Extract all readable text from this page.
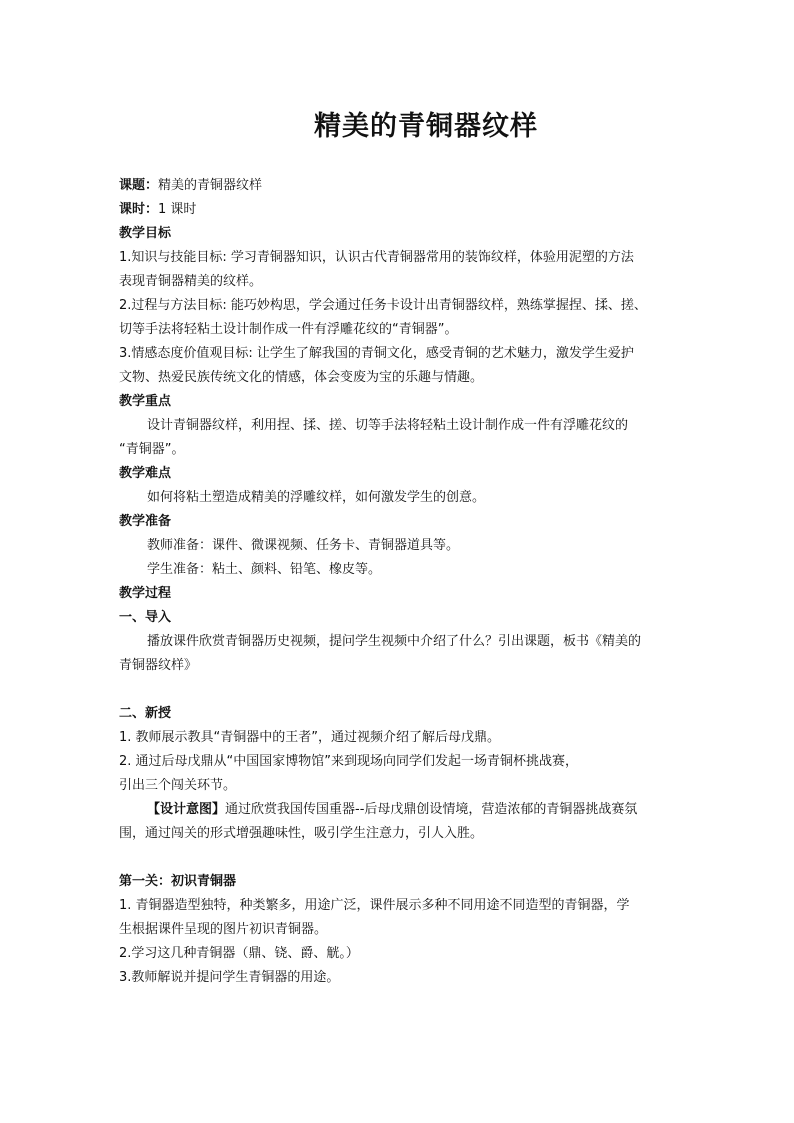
精美的青铜器纹样
课题：精美的青铜器纹样
课时：1 课时
教学目标
1.知识与技能目标: 学习青铜器知识，认识古代青铜器常用的装饰纹样，体验用泥塑的方法
表现青铜器精美的纹样。
2.过程与方法目标: 能巧妙构思，学会通过任务卡设计出青铜器纹样，熟练掌握捏、揉、搓、
切等手法将轻粘土设计制作成一件有浮雕花纹的“青铜器”。
3.情感态度价值观目标: 让学生了解我国的青铜文化，感受青铜的艺术魅力，激发学生爱护
文物、热爱民族传统文化的情感，体会变废为宝的乐趣与情趣。
教学重点
设计青铜器纹样，利用捏、揉、搓、切等手法将轻粘土设计制作成一件有浮雕花纹的
“青铜器”。
教学难点
如何将粘土塑造成精美的浮雕纹样，如何激发学生的创意。
教学准备
教师准备：课件、微课视频、任务卡、青铜器道具等。
学生准备：粘土、颜料、铅笔、橡皮等。
教学过程
一、导入
播放课件欣赏青铜器历史视频，提问学生视频中介绍了什么？引出课题，板书《精美的
青铜器纹样》
二、新授
1. 教师展示教具“青铜器中的王者”，通过视频介绍了解后母戊鼎。
2. 通过后母戊鼎从“中国国家博物馆”来到现场向同学们发起一场青铜杯挑战赛，
引出三个闯关环节。
【设计意图】通过欣赏我国传国重器--后母戊鼎创设情境，营造浓郁的青铜器挑战赛氛
围，通过闯关的形式增强趣味性，吸引学生注意力，引人入胜。
第一关：初识青铜器
1. 青铜器造型独特，种类繁多，用途广泛，课件展示多种不同用途不同造型的青铜器，学
生根据课件呈现的图片初识青铜器。
2.学习这几种青铜器（鼎、铙、爵、觥。）
3.教师解说并提问学生青铜器的用途。
